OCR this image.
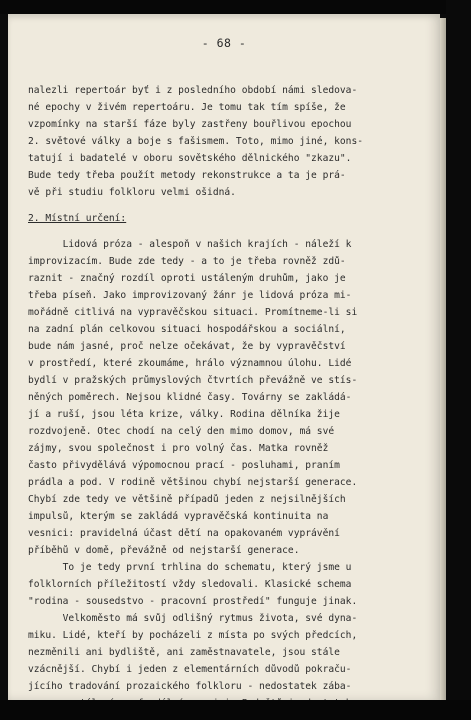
- 68 -
nalezli repertoár byť i z posledního období námi sledova-
né epochy v živém repertoáru. Je tomu tak tím spíše, že
vzpomínky na starší fáze byly zastřeny bouřlivou epochou
2. světové války a boje s fašismem. Toto, mimo jiné, kons-
tatují i badatelé v oboru sovětského dělnického "zkazu".
Bude tedy třeba použít metody rekonstrukce a ta je prá-
vě při studiu folkloru velmi ošidná.
2. Místní určení:
Lidová próza - alespoň v našich krajích - náleží k
improvizacím. Bude zde tedy - a to je třeba rovněž zdů-
raznit - značný rozdíl oproti ustáleným druhům, jako je
třeba píseň. Jako improvizovaný žánr je lidová próza mi-
mořádně citlivá na vypravěčskou situaci. Promítneme-li si
na zadní plán celkovou situaci hospodářskou a sociální,
bude nám jasné, proč nelze očekávat, že by vypravěčství
v prostředí, které zkoumáme, hrálo významnou úlohu. Lidé
bydlí v pražských průmyslových čtvrtích převážně ve stís-
něných poměrech. Nejsou klidné časy. Továrny se zakládá-
jí a ruší, jsou léta krize, války. Rodina dělníka žije
rozdvojeně. Otec chodí na celý den mimo domov, má své
zájmy, svou společnost i pro volný čas. Matka rovněž
často přivydělává výpomocnou prací - posluhami, praním
prádla a pod. V rodině většinou chybí nejstarší generace.
Chybí zde tedy ve většině případů jeden z nejsilnějších
impulsů, kterým se zakládá vypravěčská kontinuita na
vesnici: pravidelná účast dětí na opakovaném vyprávění
příběhů v domě, převážně od nejstarší generace.
To je tedy první trhlina do schematu, který jsme u
folklorních příležitostí vždy sledovali. Klasické schema
"rodina - sousedstvo - pracovní prostředí" funguje jinak.
Velkoměsto má svůj odlišný rytmus života, své dyna-
miku. Lidé, kteří by pocházeli z místa po svých předcích,
nezměnili ani bydliště, ani zaměstnavatele, jsou stále
vzácnější. Chybí i jeden z elementárních důvodů pokraču-
jícího tradování prozaického folkloru - nedostatek zába-
